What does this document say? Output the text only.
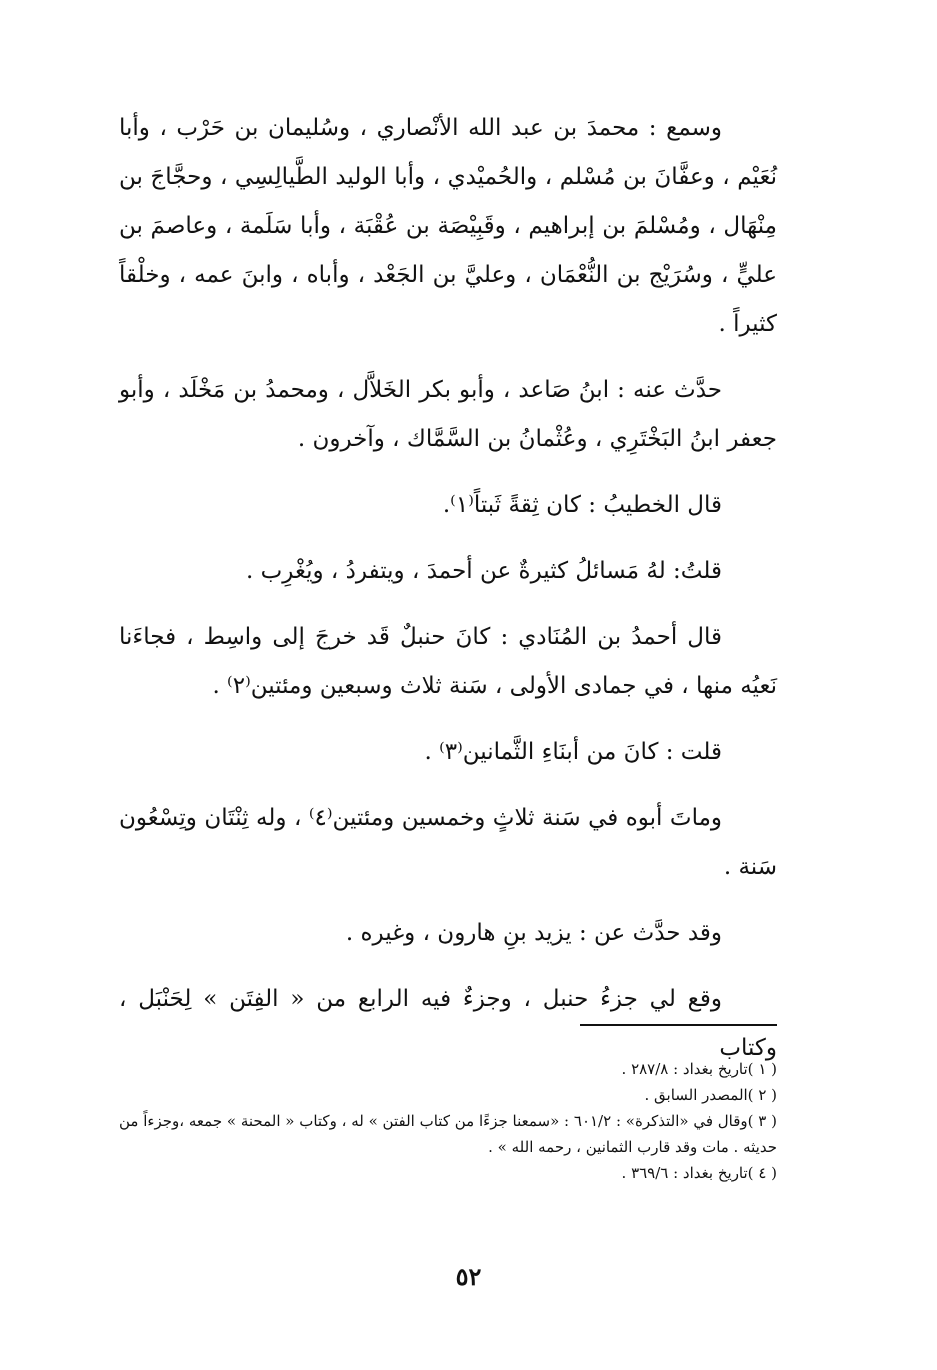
وسمع : محمدَ بن عبد الله الأنْصاري ، وسُليمان بن حَرْب ، وأبا نُعَيْم ، وعفَّانَ بن مُسْلم ، والحُميْدي ، وأبا الوليد الطَّيالِسِي ، وحجَّاجَ بن مِنْهَال ، ومُسْلمَ بن إبراهيم ، وقَبِيْصَة بن عُقْبَة ، وأبا سَلَمة ، وعاصمَ بن عليٍّ ، وسُرَيْج بن النُّعْمَان ، وعليَّ بن الجَعْد ، وأباه ، وابنَ عمه ، وخلْقاً كثيراً .

حدَّث عنه : ابنُ صَاعد ، وأبو بكر الخَلاَّل ، ومحمدُ بن مَخْلَد ، وأبو جعفر ابنُ البَخْتَرِي ، وعُثْمانُ بن السَّمَّاك ، وآخرون .

قال الخطيبُ : كان ثِقةً ثَبتاً⁽١⁾.

قلتُ: لهُ مَسائلُ كثيرةٌ عن أحمدَ ، ويتفردُ ، ويُغْرِب .

قال أحمدُ بن المُنَادي : كانَ حنبلٌ قَد خرجَ إلى واسِط ، فجاءَنا نَعيُه منها ، في جمادى الأولى ، سَنة ثلاث وسبعين ومئتين⁽٢⁾ .

قلت : كانَ من أبنَاءِ الثَّمانين⁽٣⁾ .

وماتَ أبوه في سَنة ثلاثٍ وخمسين ومئتين⁽٤⁾ ، وله ثِنْتَان وتِسْعُون سَنة .

وقد حدَّث عن : يزيد بنِ هارون ، وغيره .

وقع لي جزءُ حنبل ، وجزءٌ فيه الرابع من « الفِتَن » لِحَنْبَل ، وكتاب

( ١ )تاريخ بغداد : ٢٨٧/٨ .

( ٢ )المصدر السابق .

( ٣ )وقال في «التذكرة» : ٦٠١/٢ : «سمعنا جزءًا من كتاب الفتن » له ، وكتاب « المحنة » جمعه ،وجزءاً من حديثه . مات وقد قارب الثمانين ، رحمه الله » .

( ٤ )تاريخ بغداد : ٣٦٩/٦ .

٥٢
